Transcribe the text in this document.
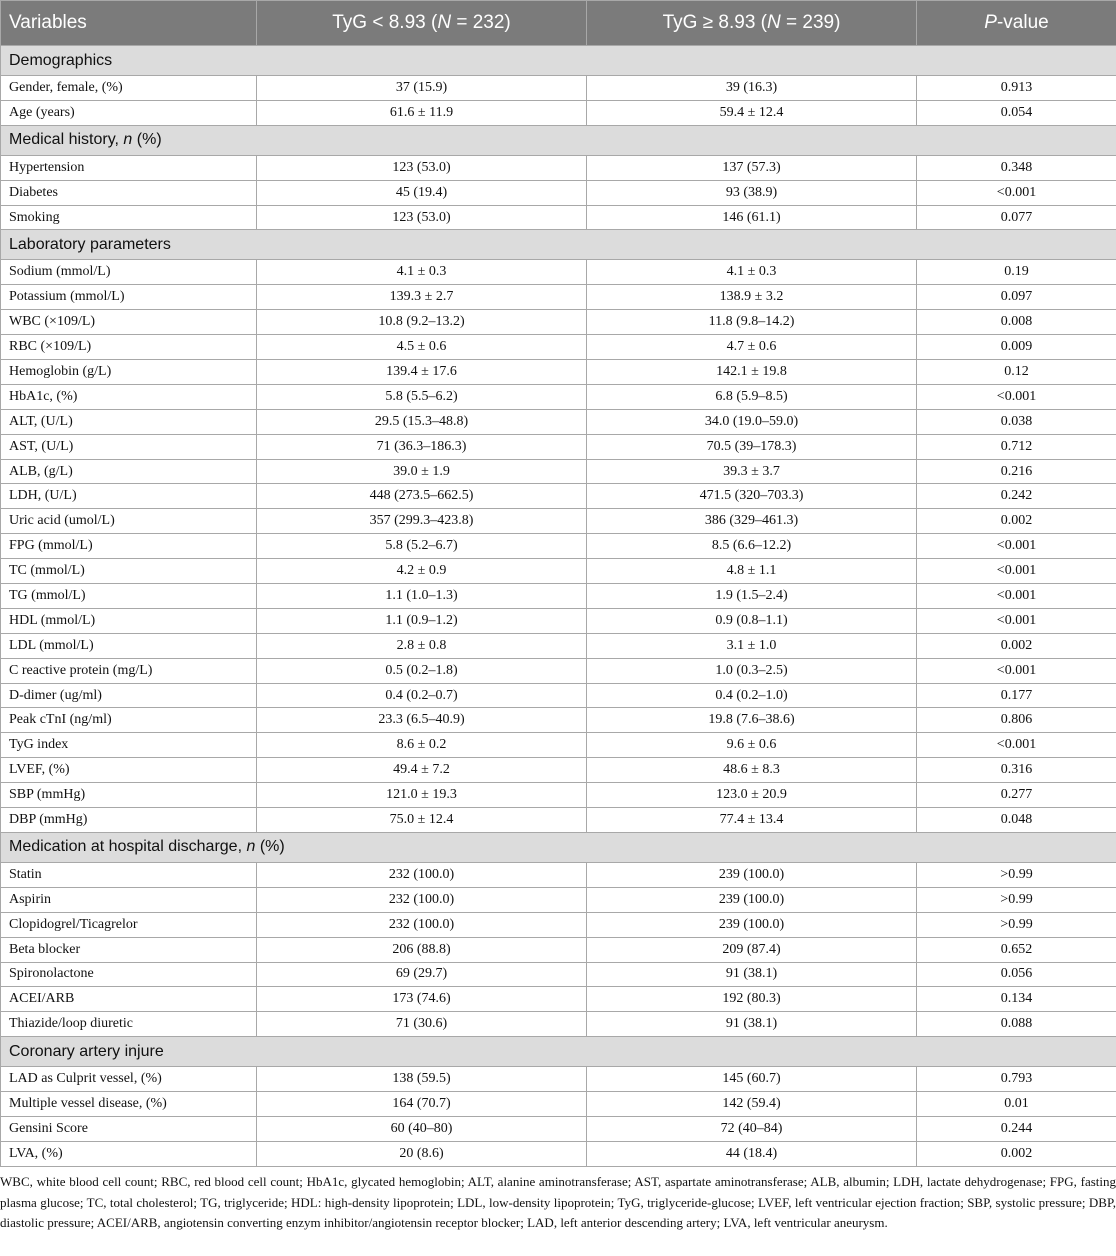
Variables	TyG < 8.93 (N = 232)	TyG ≥ 8.93 (N = 239)	P-value
Demographics			
Gender, female, (%)	37 (15.9)	39 (16.3)	0.913
Age (years)	61.6 ± 11.9	59.4 ± 12.4	0.054
Medical history, n (%)			
Hypertension	123 (53.0)	137 (57.3)	0.348
Diabetes	45 (19.4)	93 (38.9)	<0.001
Smoking	123 (53.0)	146 (61.1)	0.077
Laboratory parameters			
Sodium (mmol/L)	4.1 ± 0.3	4.1 ± 0.3	0.19
Potassium (mmol/L)	139.3 ± 2.7	138.9 ± 3.2	0.097
WBC (×109/L)	10.8 (9.2–13.2)	11.8 (9.8–14.2)	0.008
RBC (×109/L)	4.5 ± 0.6	4.7 ± 0.6	0.009
Hemoglobin (g/L)	139.4 ± 17.6	142.1 ± 19.8	0.12
HbA1c, (%)	5.8 (5.5–6.2)	6.8 (5.9–8.5)	<0.001
ALT, (U/L)	29.5 (15.3–48.8)	34.0 (19.0–59.0)	0.038
AST, (U/L)	71 (36.3–186.3)	70.5 (39–178.3)	0.712
ALB, (g/L)	39.0 ± 1.9	39.3 ± 3.7	0.216
LDH, (U/L)	448 (273.5–662.5)	471.5 (320–703.3)	0.242
Uric acid (umol/L)	357 (299.3–423.8)	386 (329–461.3)	0.002
FPG (mmol/L)	5.8 (5.2–6.7)	8.5 (6.6–12.2)	<0.001
TC (mmol/L)	4.2 ± 0.9	4.8 ± 1.1	<0.001
TG (mmol/L)	1.1 (1.0–1.3)	1.9 (1.5–2.4)	<0.001
HDL (mmol/L)	1.1 (0.9–1.2)	0.9 (0.8–1.1)	<0.001
LDL (mmol/L)	2.8 ± 0.8	3.1 ± 1.0	0.002
C reactive protein (mg/L)	0.5 (0.2–1.8)	1.0 (0.3–2.5)	<0.001
D-dimer (ug/ml)	0.4 (0.2–0.7)	0.4 (0.2–1.0)	0.177
Peak cTnI (ng/ml)	23.3 (6.5–40.9)	19.8 (7.6–38.6)	0.806
TyG index	8.6 ± 0.2	9.6 ± 0.6	<0.001
LVEF, (%)	49.4 ± 7.2	48.6 ± 8.3	0.316
SBP (mmHg)	121.0 ± 19.3	123.0 ± 20.9	0.277
DBP (mmHg)	75.0 ± 12.4	77.4 ± 13.4	0.048
Medication at hospital discharge, n (%)			
Statin	232 (100.0)	239 (100.0)	>0.99
Aspirin	232 (100.0)	239 (100.0)	>0.99
Clopidogrel/Ticagrelor	232 (100.0)	239 (100.0)	>0.99
Beta blocker	206 (88.8)	209 (87.4)	0.652
Spironolactone	69 (29.7)	91 (38.1)	0.056
ACEI/ARB	173 (74.6)	192 (80.3)	0.134
Thiazide/loop diuretic	71 (30.6)	91 (38.1)	0.088
Coronary artery injure			
LAD as Culprit vessel, (%)	138 (59.5)	145 (60.7)	0.793
Multiple vessel disease, (%)	164 (70.7)	142 (59.4)	0.01
Gensini Score	60 (40–80)	72 (40–84)	0.244
LVA, (%)	20 (8.6)	44 (18.4)	0.002
WBC, white blood cell count; RBC, red blood cell count; HbA1c, glycated hemoglobin; ALT, alanine aminotransferase; AST, aspartate aminotransferase; ALB, albumin; LDH, lactate dehydrogenase; FPG, fasting plasma glucose; TC, total cholesterol; TG, triglyceride; HDL: high-density lipoprotein; LDL, low-density lipoprotein; TyG, triglyceride-glucose; LVEF, left ventricular ejection fraction; SBP, systolic pressure; DBP, diastolic pressure; ACEI/ARB, angiotensin converting enzym inhibitor/angiotensin receptor blocker; LAD, left anterior descending artery; LVA, left ventricular aneurysm.
